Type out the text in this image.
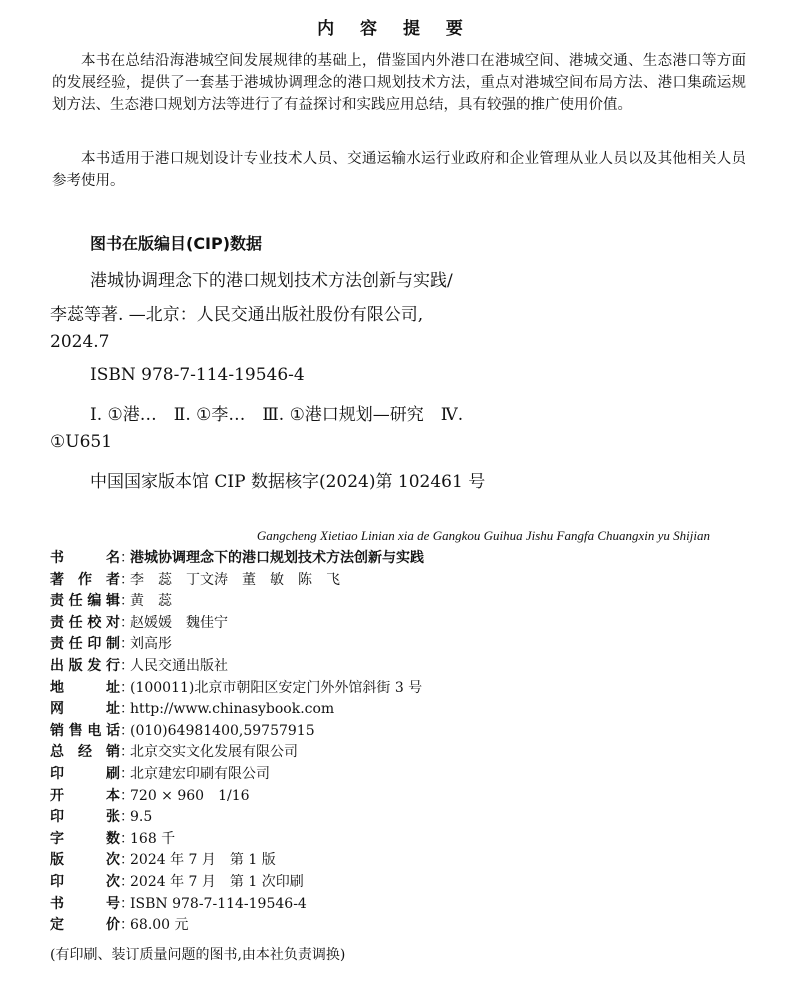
内 容 提 要

本书在总结沿海港城空间发展规律的基础上，借鉴国内外港口在港城空间、港城交通、生态港口等方面的发展经验，提供了一套基于港城协调理念的港口规划技术方法，重点对港城空间布局方法、港口集疏运规划方法、生态港口规划方法等进行了有益探讨和实践应用总结，具有较强的推广使用价值。

本书适用于港口规划设计专业技术人员、交通运输水运行业政府和企业管理从业人员以及其他相关人员参考使用。

图书在版编目(CIP)数据
港城协调理念下的港口规划技术方法创新与实践/
李蕊等著. —北京：人民交通出版社股份有限公司,
2024.7
ISBN 978-7-114-19546-4
Ⅰ. ①港…　Ⅱ. ①李…　Ⅲ. ①港口规划—研究　Ⅳ.
①U651
中国国家版本馆 CIP 数据核字(2024)第 102461 号
Gangcheng Xietiao Linian xia de Gangkou Guihua Jishu Fangfa Chuangxin yu Shijian
书名：港城协调理念下的港口规划技术方法创新与实践
著作者：李　蕊　丁文涛　董　敏　陈　飞
责任编辑：黄　蕊
责任校对：赵媛媛　魏佳宁
责任印制：刘高彤
出版发行：人民交通出版社
地址：(100011)北京市朝阳区安定门外外馆斜街 3 号
网址：http://www.chinasybook.com
销售电话：(010)64981400,59757915
总经销：北京交实文化发展有限公司
印刷：北京建宏印刷有限公司
开本：720 × 960　1/16
印张：9.5
字数：168 千
版次：2024 年 7 月　第 1 版
印次：2024 年 7 月　第 1 次印刷
书号：ISBN 978-7-114-19546-4
定价：68.00 元
(有印刷、装订质量问题的图书,由本社负责调换)
